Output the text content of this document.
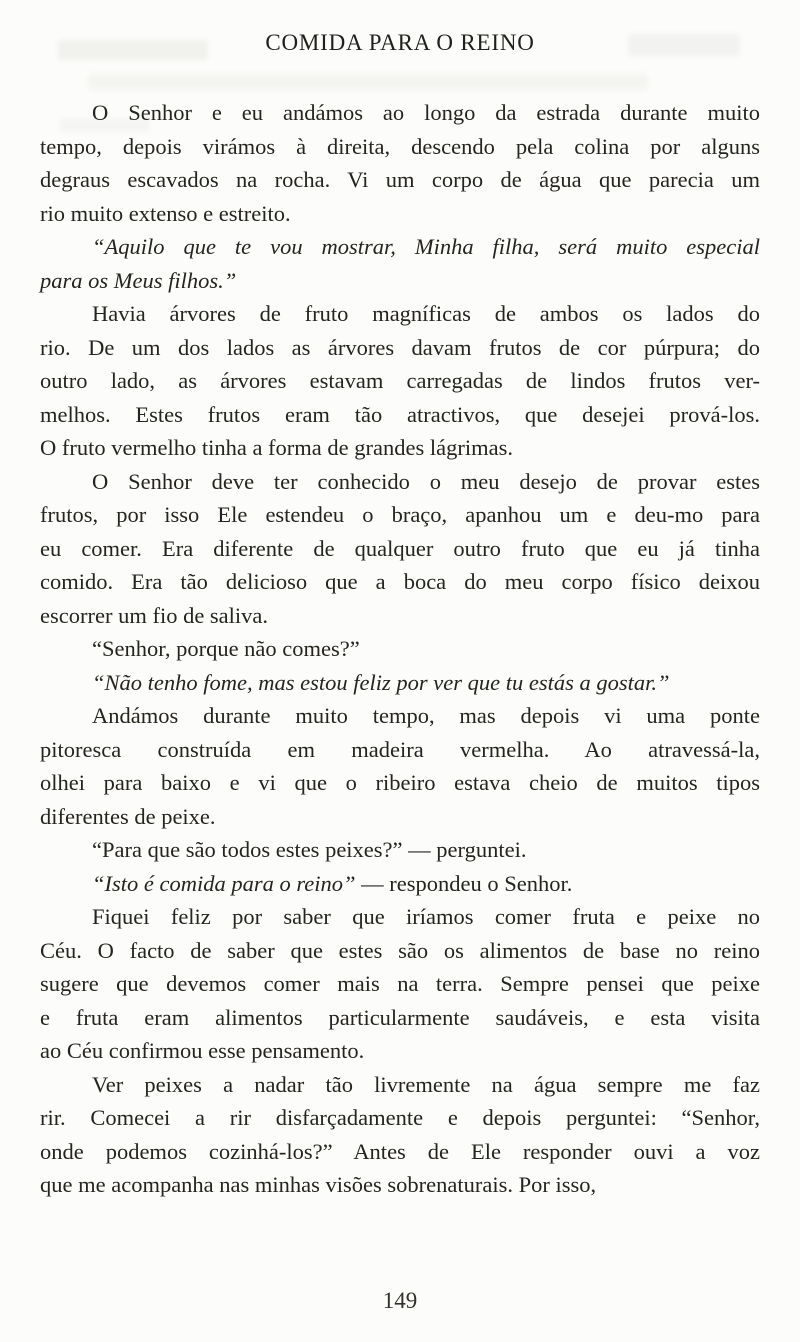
COMIDA PARA O REINO
O Senhor e eu andámos ao longo da estrada durante muito
tempo, depois virámos à direita, descendo pela colina por alguns
degraus escavados na rocha. Vi um corpo de água que parecia um
rio muito extenso e estreito.
“Aquilo que te vou mostrar, Minha filha, será muito especial
para os Meus filhos.”
Havia árvores de fruto magníficas de ambos os lados do
rio. De um dos lados as árvores davam frutos de cor púrpura; do
outro lado, as árvores estavam carregadas de lindos frutos ver-
melhos. Estes frutos eram tão atractivos, que desejei prová-los.
O fruto vermelho tinha a forma de grandes lágrimas.
O Senhor deve ter conhecido o meu desejo de provar estes
frutos, por isso Ele estendeu o braço, apanhou um e deu-mo para
eu comer. Era diferente de qualquer outro fruto que eu já tinha
comido. Era tão delicioso que a boca do meu corpo físico deixou
escorrer um fio de saliva.
“Senhor, porque não comes?”
“Não tenho fome, mas estou feliz por ver que tu estás a gostar.”
Andámos durante muito tempo, mas depois vi uma ponte
pitoresca construída em madeira vermelha. Ao atravessá-la,
olhei para baixo e vi que o ribeiro estava cheio de muitos tipos
diferentes de peixe.
“Para que são todos estes peixes?” — perguntei.
“Isto é comida para o reino” — respondeu o Senhor.
Fiquei feliz por saber que iríamos comer fruta e peixe no
Céu. O facto de saber que estes são os alimentos de base no reino
sugere que devemos comer mais na terra. Sempre pensei que peixe
e fruta eram alimentos particularmente saudáveis, e esta visita
ao Céu confirmou esse pensamento.
Ver peixes a nadar tão livremente na água sempre me faz
rir. Comecei a rir disfarçadamente e depois perguntei: “Senhor,
onde podemos cozinhá-los?” Antes de Ele responder ouvi a voz
que me acompanha nas minhas visões sobrenaturais. Por isso,
149
